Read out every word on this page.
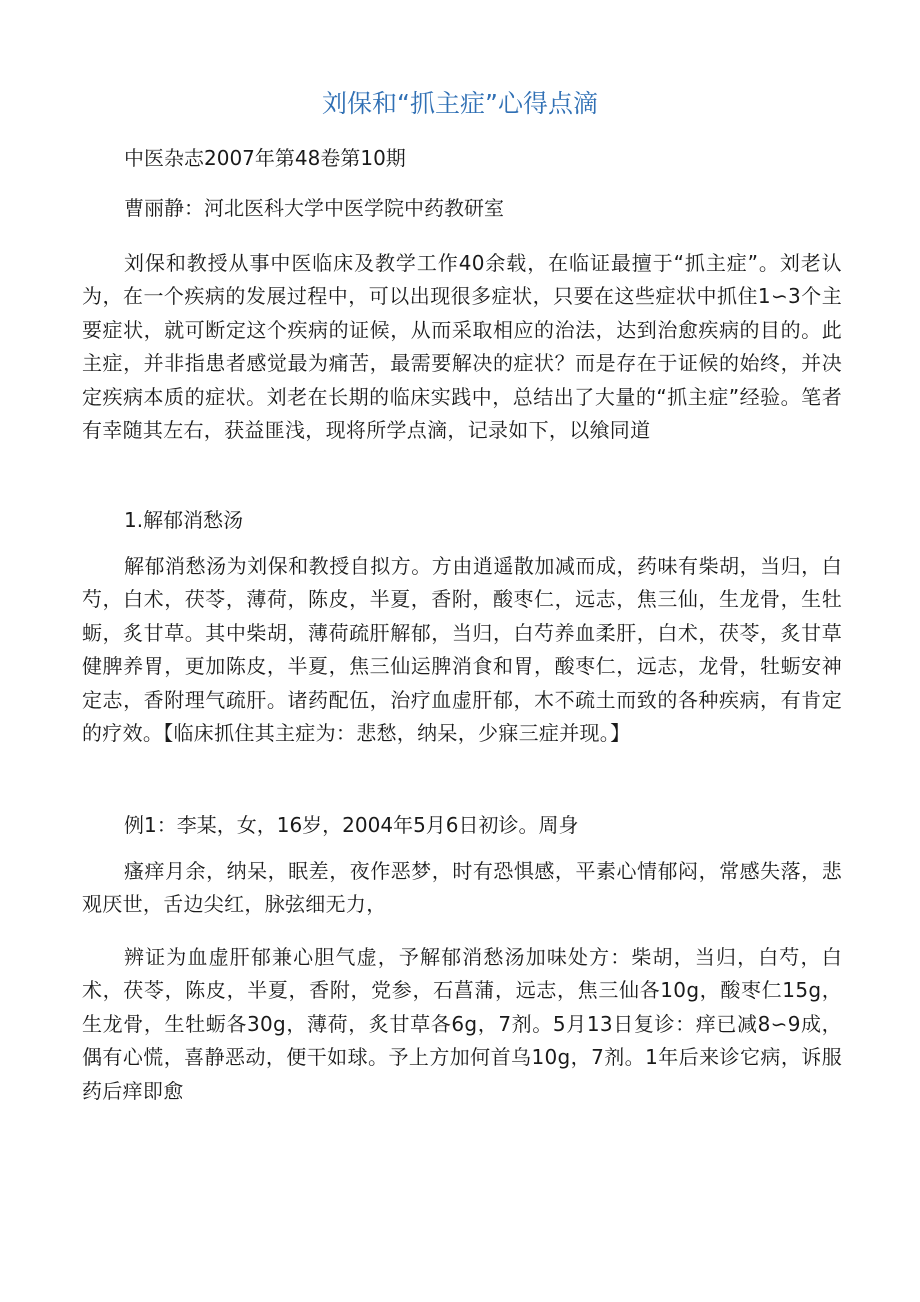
刘保和“抓主症”心得点滴

中医杂志2007年第48卷第10期

曹丽静：河北医科大学中医学院中药教研室

刘保和教授从事中医临床及教学工作40余载，在临证最擅于“抓主症”。刘老认为，在一个疾病的发展过程中，可以出现很多症状，只要在这些症状中抓住1∽3个主要症状，就可断定这个疾病的证候，从而采取相应的治法，达到治愈疾病的目的。此主症，并非指患者感觉最为痛苦，最需要解决的症状？而是存在于证候的始终，并决定疾病本质的症状。刘老在长期的临床实践中，总结出了大量的“抓主症”经验。笔者有幸随其左右，获益匪浅，现将所学点滴，记录如下，以飨同道

1.解郁消愁汤

解郁消愁汤为刘保和教授自拟方。方由逍遥散加减而成，药味有柴胡，当归，白芍，白术，茯苓，薄荷，陈皮，半夏，香附，酸枣仁，远志，焦三仙，生龙骨，生牡蛎，炙甘草。其中柴胡，薄荷疏肝解郁，当归，白芍养血柔肝，白术，茯苓，炙甘草健脾养胃，更加陈皮，半夏，焦三仙运脾消食和胃，酸枣仁，远志，龙骨，牡蛎安神定志，香附理气疏肝。诸药配伍，治疗血虚肝郁，木不疏土而致的各种疾病，有肯定的疗效。【临床抓住其主症为：悲愁，纳呆，少寐三症并现。】

例1：李某，女，16岁，2004年5月6日初诊。周身

瘙痒月余，纳呆，眠差，夜作恶梦，时有恐惧感，平素心情郁闷，常感失落，悲观厌世，舌边尖红，脉弦细无力，

辨证为血虚肝郁兼心胆气虚，予解郁消愁汤加味处方：柴胡，当归，白芍，白术，茯苓，陈皮，半夏，香附，党参，石菖蒲，远志，焦三仙各10g，酸枣仁15g，生龙骨，生牡蛎各30g，薄荷，炙甘草各6g，7剂。5月13日复诊：痒已减8∽9成，偶有心慌，喜静恶动，便干如球。予上方加何首乌10g，7剂。1年后来诊它病，诉服药后痒即愈
